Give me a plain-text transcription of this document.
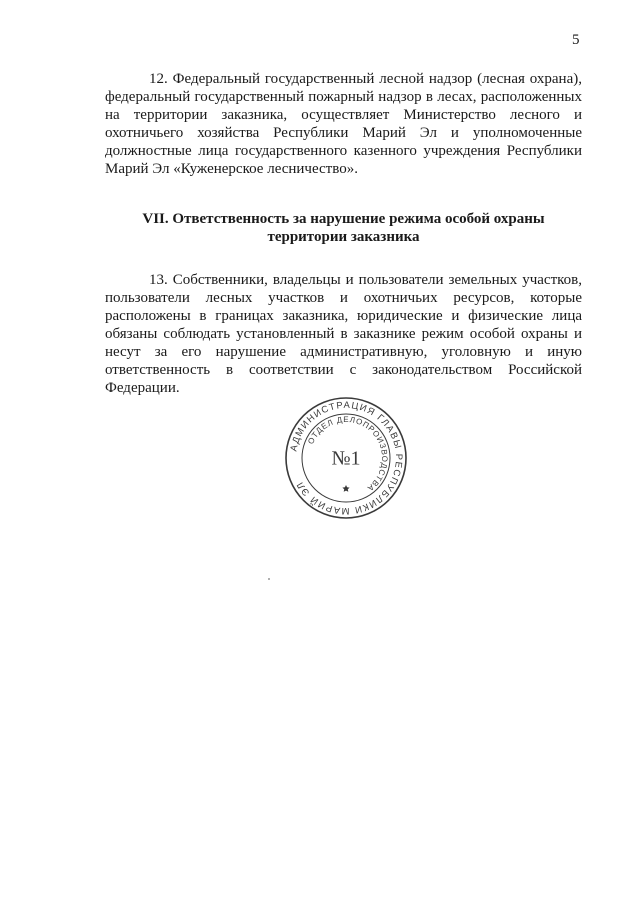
5

12. Федеральный государственный лесной надзор (лесная охрана), федеральный государственный пожарный надзор в лесах, расположенных на территории заказника, осуществляет Министерство лесного и охотничьего хозяйства Республики Марий Эл и уполномоченные должностные лица государственного казенного учреждения Республики Марий Эл «Куженерское лесничество».

VII. Ответственность за нарушение режима особой охраны
территории заказника

13. Собственники, владельцы и пользователи земельных участков, пользователи лесных участков и охотничьих ресурсов, которые расположены в границах заказника, юридические и физические лица обязаны соблюдать установленный в заказнике режим особой охраны и несут за его нарушение административную, уголовную и иную ответственность в соответствии с законодательством Российской Федерации.

АДМИНИСТРАЦИЯ ГЛАВЫ РЕСПУБЛИКИ МАРИЙ ЭЛ
ОТДЕЛ ДЕЛОПРОИЗВОДСТВА
№1
